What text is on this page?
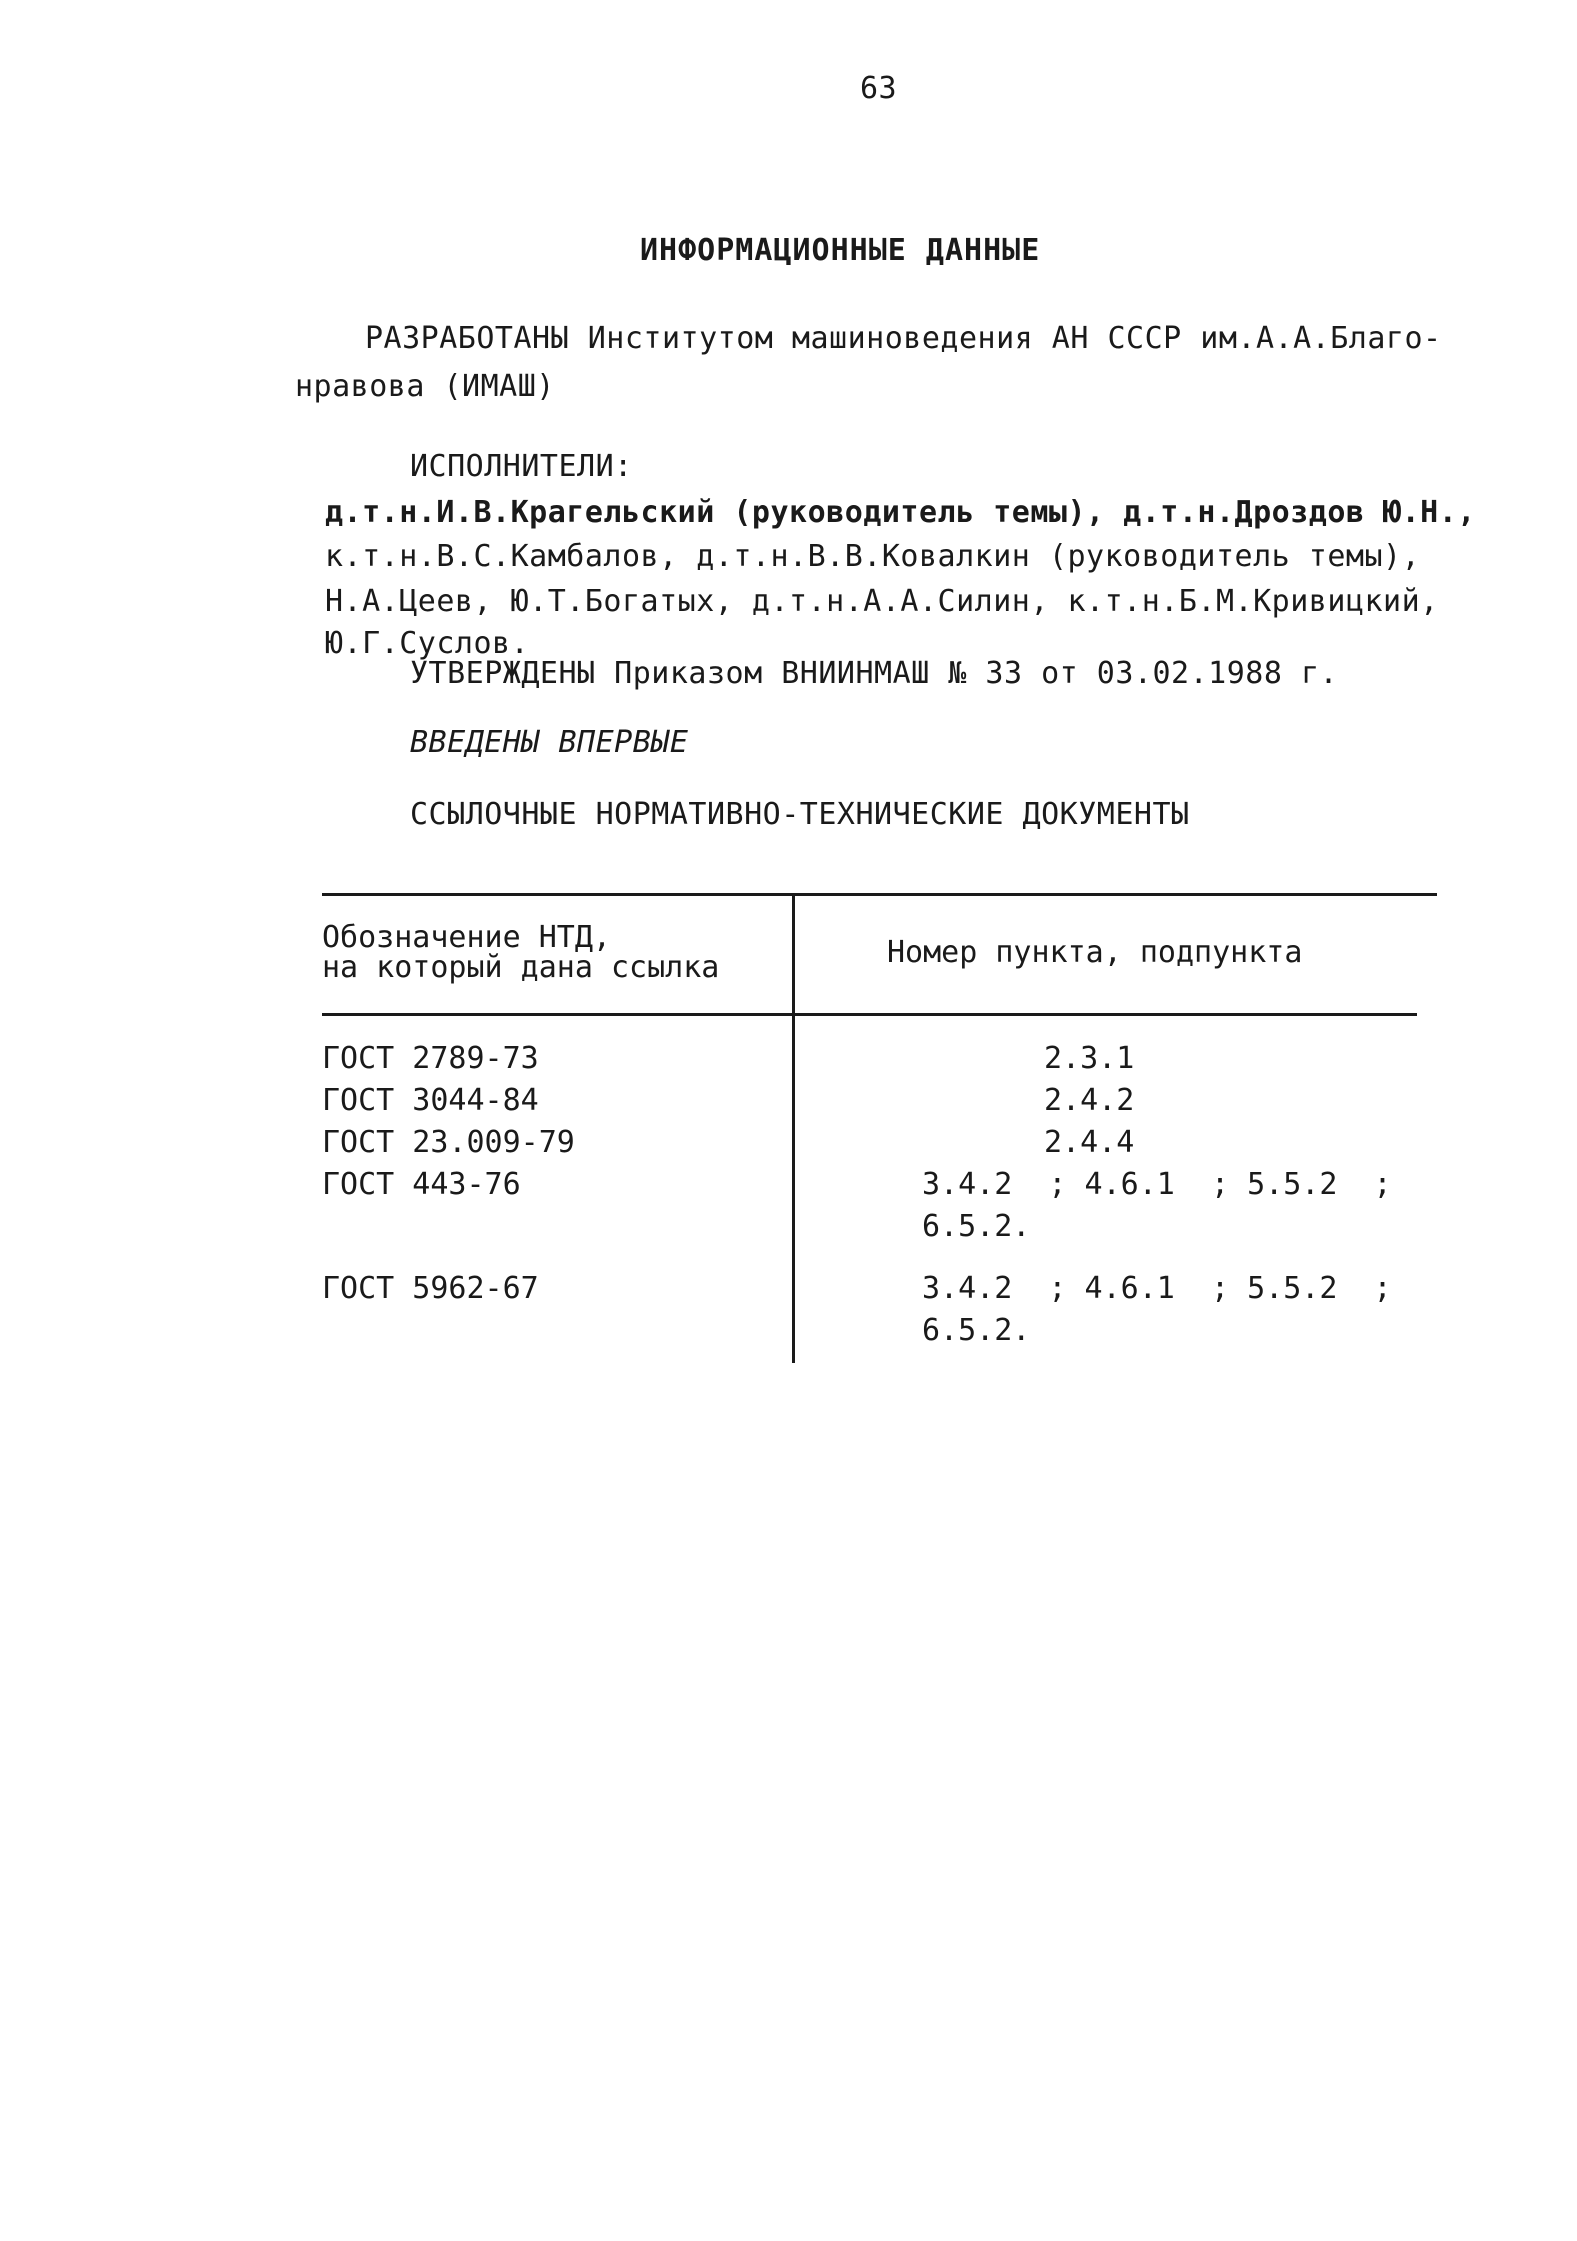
63
ИНФОРМАЦИОННЫЕ ДАННЫЕ
РАЗРАБОТАНЫ Институтом машиноведения АН СССР им.А.А.Благо-
нравова (ИМАШ)
ИСПОЛНИТЕЛИ:
д.т.н.И.В.Крагельский (руководитель темы), д.т.н.Дроздов Ю.Н.,
к.т.н.В.С.Камбалов, д.т.н.В.В.Ковалкин (руководитель темы),
Н.А.Цеев, Ю.Т.Богатых, д.т.н.А.А.Силин, к.т.н.Б.М.Кривицкий,
Ю.Г.Суслов.
УТВЕРЖДЕНЫ Приказом ВНИИНМАШ № 33 от 03.02.1988 г.
ВВЕДЕНЫ ВПЕРВЫЕ
ССЫЛОЧНЫЕ НОРМАТИВНО-ТЕХНИЧЕСКИЕ ДОКУМЕНТЫ
Обозначение НТД,
на который дана ссылка	Номер пункта, подпункта
ГОСТ 2789-73	2.3.1
ГОСТ 3044-84	2.4.2
ГОСТ 23.009-79	2.4.4
ГОСТ 443-76	3.4.2  ; 4.6.1  ; 5.5.2  ;
6.5.2.
ГОСТ 5962-67	3.4.2  ; 4.6.1  ; 5.5.2  ;
6.5.2.
